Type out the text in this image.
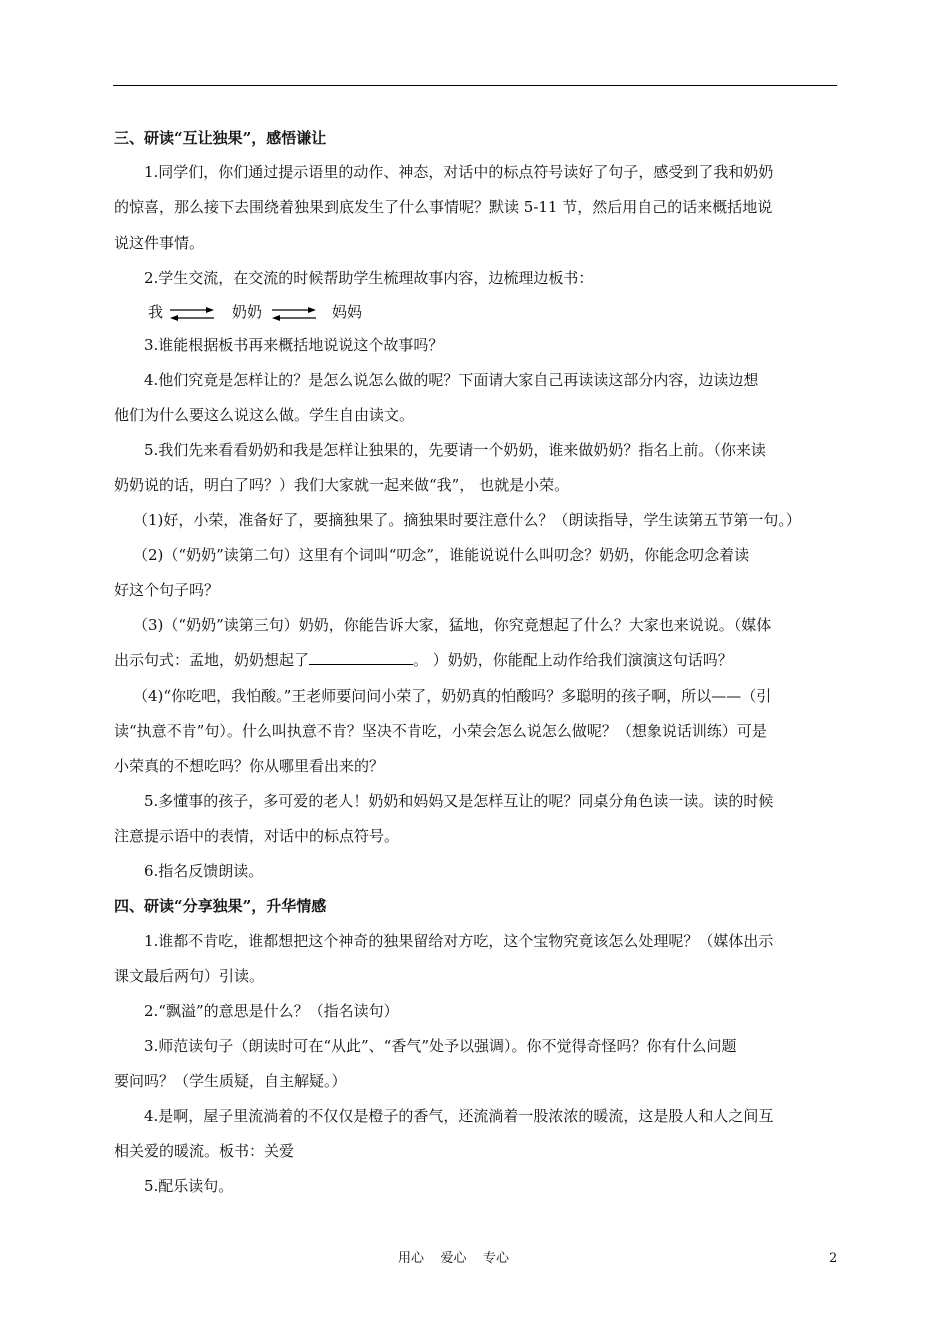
三、研读“互让独果”，感悟谦让
1.同学们，你们通过提示语里的动作、神态，对话中的标点符号读好了句子，感受到了我和奶奶
的惊喜，那么接下去围绕着独果到底发生了什么事情呢？默读 5-11 节，然后用自己的话来概括地说
说这件事情。
2.学生交流，在交流的时候帮助学生梳理故事内容，边梳理边板书：
我	奶奶	妈妈
3.谁能根据板书再来概括地说说这个故事吗？
4.他们究竟是怎样让的？是怎么说怎么做的呢？下面请大家自己再读读这部分内容，边读边想
他们为什么要这么说这么做。学生自由读文。
5.我们先来看看奶奶和我是怎样让独果的，先要请一个奶奶，谁来做奶奶？指名上前。（你来读
奶奶说的话，明白了吗？）我们大家就一起来做“我”， 也就是小荣。
（1)好，小荣，准备好了，要摘独果了。摘独果时要注意什么？（朗读指导，学生读第五节第一句。）
（2)（“奶奶”读第二句）这里有个词叫“叨念”，谁能说说什么叫叨念？奶奶，你能念叨念着读
好这个句子吗？
（3)（“奶奶”读第三句）奶奶，你能告诉大家，猛地，你究竟想起了什么？大家也来说说。（媒体
出示句式：孟地，奶奶想起了	。 ）奶奶，你能配上动作给我们演演这句话吗？
（4)“你吃吧，我怕酸。”王老师要问问小荣了，奶奶真的怕酸吗？多聪明的孩子啊，所以——（引
读“执意不肯”句）。什么叫执意不肯？坚决不肯吃，小荣会怎么说怎么做呢？（想象说话训练）可是
小荣真的不想吃吗？你从哪里看出来的？
5.多懂事的孩子，多可爱的老人！奶奶和妈妈又是怎样互让的呢？同桌分角色读一读。读的时候
注意提示语中的表情，对话中的标点符号。
6.指名反馈朗读。
四、研读“分享独果”，升华情感
1.谁都不肯吃，谁都想把这个神奇的独果留给对方吃，这个宝物究竟该怎么处理呢？（媒体出示
课文最后两句）引读。
2.“飘溢”的意思是什么？（指名读句）
3.师范读句子（朗读时可在“从此”、“香气”处予以强调）。你不觉得奇怪吗？你有什么问题
要问吗？（学生质疑，自主解疑。）
4.是啊，屋子里流淌着的不仅仅是橙子的香气，还流淌着一股浓浓的暖流，这是股人和人之间互
相关爱的暖流。板书：关爱
5.配乐读句。
用心    爱心    专心	2
